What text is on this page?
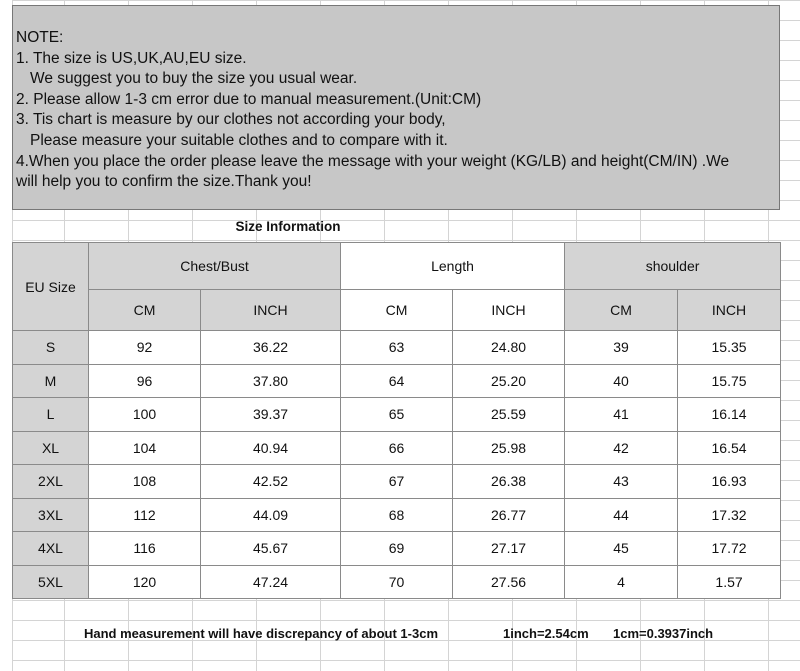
NOTE:
1. The size is US,UK,AU,EU size.
We suggest you to buy the size you usual wear.
2. Please allow 1-3 cm error due to manual measurement.(Unit:CM)
3. Tis chart is measure by our clothes not according your body,
Please measure your suitable clothes and to compare with it.
4.When you place the order please leave the message with your weight (KG/LB) and height(CM/IN) .We
will help you to confirm the size.Thank you!
Size Information
EU Size	Chest/Bust		Length		shoulder	
	CM	INCH	CM	INCH	CM	INCH
S	92	36.22	63	24.80	39	15.35
M	96	37.80	64	25.20	40	15.75
L	100	39.37	65	25.59	41	16.14
XL	104	40.94	66	25.98	42	16.54
2XL	108	42.52	67	26.38	43	16.93
3XL	112	44.09	68	26.77	44	17.32
4XL	116	45.67	69	27.17	45	17.72
5XL	120	47.24	70	27.56	4	1.57
Hand measurement will have discrepancy of about 1-3cm	1inch=2.54cm 1cm=0.3937inch
